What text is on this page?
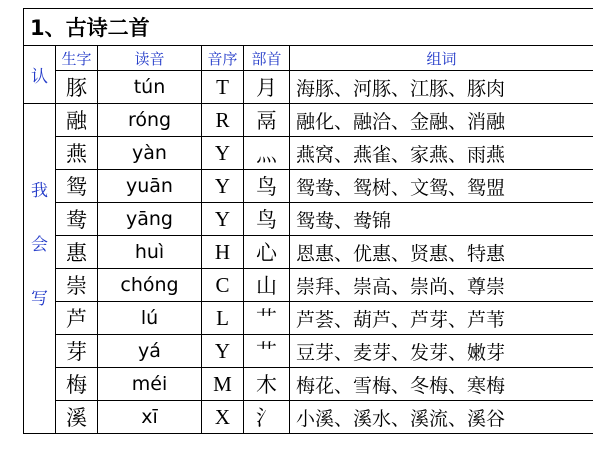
1、古诗二首					
认	生字	读音	音序	部首	组词
	豚	tún	T	月	海豚、河豚、江豚、豚肉

我
会
写	融	róng	R	鬲	融化、融洽、金融、消融
	燕	yàn	Y	灬	燕窝、燕雀、家燕、雨燕
	鸳	yuān	Y	鸟	鸳鸯、鸳树、文鸳、鸳盟
	鸯	yāng	Y	鸟	鸳鸯、鸯锦
	惠	huì	H	心	恩惠、优惠、贤惠、特惠
	崇	chóng	C	山	崇拜、崇高、崇尚、尊崇
	芦	lú	L	艹	芦荟、葫芦、芦芽、芦苇
	芽	yá	Y	艹	豆芽、麦芽、发芽、嫩芽
	梅	méi	M	木	梅花、雪梅、冬梅、寒梅
	溪	xī	X	氵	小溪、溪水、溪流、溪谷
